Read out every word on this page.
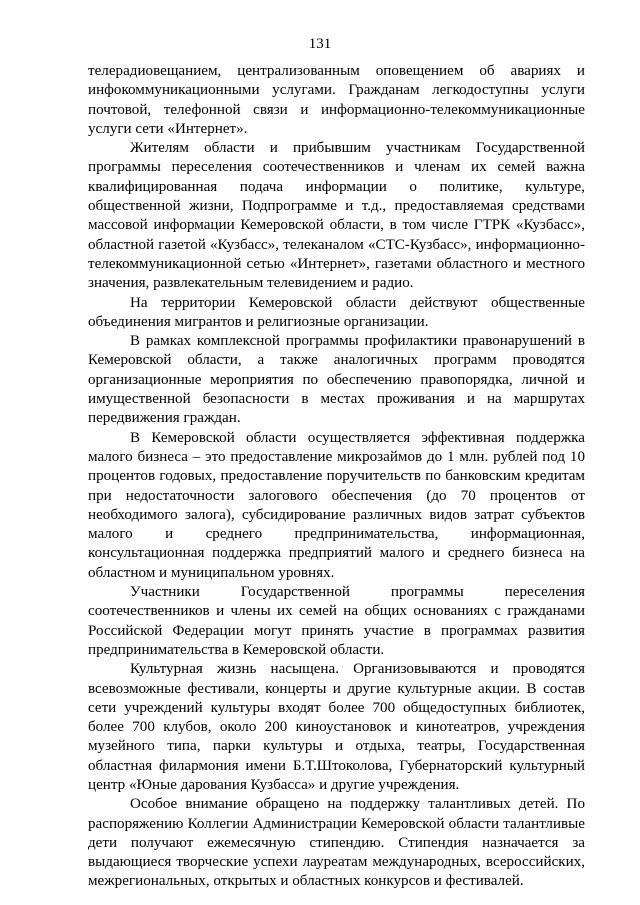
131

телерадиовещанием, централизованным оповещением об авариях и инфокоммуникационными услугами. Гражданам легкодоступны услуги почтовой, телефонной связи и информационно-телекоммуникационные услуги сети «Интернет».

Жителям области и прибывшим участникам Государственной программы переселения соотечественников и членам их семей важна квалифицированная подача информации о политике, культуре, общественной жизни, Подпрограмме и т.д., предоставляемая средствами массовой информации Кемеровской области, в том числе ГТРК «Кузбасс», областной газетой «Кузбасс», телеканалом «СТС-Кузбасс», информационно-телекоммуникационной сетью «Интернет», газетами областного и местного значения, развлекательным телевидением и радио.

На территории Кемеровской области действуют общественные объединения мигрантов и религиозные организации.

В рамках комплексной программы профилактики правонарушений в Кемеровской области, а также аналогичных программ проводятся организационные мероприятия по обеспечению правопорядка, личной и имущественной безопасности в местах проживания и на маршрутах передвижения граждан.

В Кемеровской области осуществляется эффективная поддержка малого бизнеса – это предоставление микрозаймов до 1 млн. рублей под 10 процентов годовых, предоставление поручительств по банковским кредитам при недостаточности залогового обеспечения (до 70 процентов от необходимого залога), субсидирование различных видов затрат субъектов малого и среднего предпринимательства, информационная, консультационная поддержка предприятий малого и среднего бизнеса на областном и муниципальном уровнях.

Участники Государственной программы переселения соотечественников и члены их семей на общих основаниях с гражданами Российской Федерации могут принять участие в программах развития предпринимательства в Кемеровской области.

Культурная жизнь насыщена. Организовываются и проводятся всевозможные фестивали, концерты и другие культурные акции. В состав сети учреждений культуры входят более 700 общедоступных библиотек, более 700 клубов, около 200 киноустановок и кинотеатров, учреждения музейного типа, парки культуры и отдыха, театры, Государственная областная филармония имени Б.Т.Штоколова, Губернаторский культурный центр «Юные дарования Кузбасса» и другие учреждения.

Особое внимание обращено на поддержку талантливых детей. По распоряжению Коллегии Администрации Кемеровской области талантливые дети получают ежемесячную стипендию. Стипендия назначается за выдающиеся творческие успехи лауреатам международных, всероссийских, межрегиональных, открытых и областных конкурсов и фестивалей.
